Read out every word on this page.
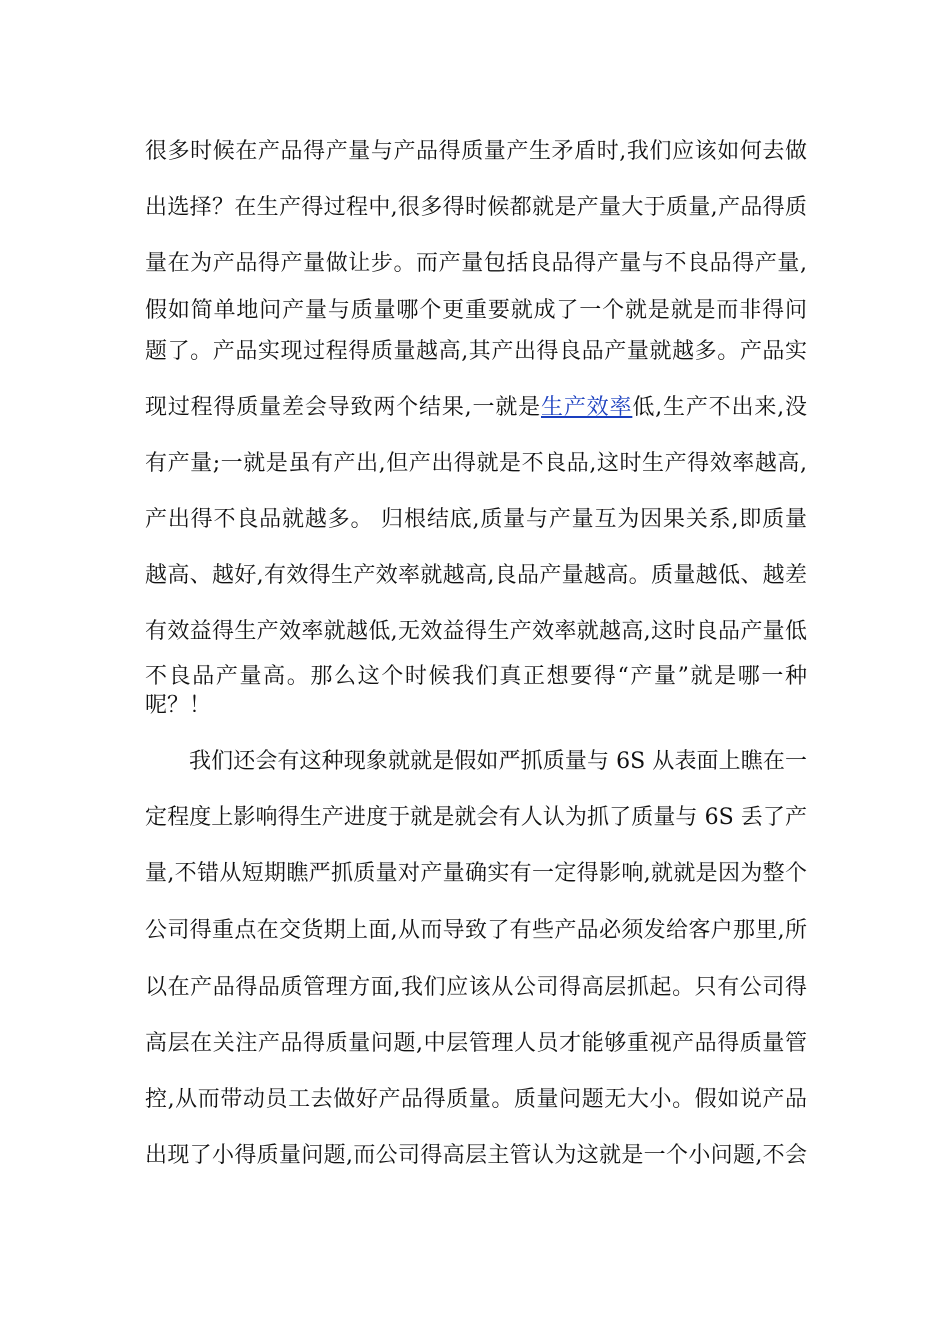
很多时候在产品得产量与产品得质量产生矛盾时,我们应该如何去做
出选择？在生产得过程中,很多得时候都就是产量大于质量,产品得质
量在为产品得产量做让步。而产量包括良品得产量与不良品得产量,
假如简单地问产量与质量哪个更重要就成了一个就是就是而非得问
题了。产品实现过程得质量越高,其产出得良品产量就越多。产品实
现过程得质量差会导致两个结果,一就是生产效率低,生产不出来,没
有产量;一就是虽有产出,但产出得就是不良品,这时生产得效率越高,
产出得不良品就越多。 归根结底,质量与产量互为因果关系,即质量
越高、越好,有效得生产效率就越高,良品产量越高。质量越低、越差
有效益得生产效率就越低,无效益得生产效率就越高,这时良品产量低
不良品产量高。那么这个时候我们真正想要得“产量”就是哪一种
呢？！
我们还会有这种现象就就是假如严抓质量与 6S 从表面上瞧在一
定程度上影响得生产进度于就是就会有人认为抓了质量与 6S 丢了产
量,不错从短期瞧严抓质量对产量确实有一定得影响,就就是因为整个
公司得重点在交货期上面,从而导致了有些产品必须发给客户那里,所
以在产品得品质管理方面,我们应该从公司得高层抓起。只有公司得
高层在关注产品得质量问题,中层管理人员才能够重视产品得质量管
控,从而带动员工去做好产品得质量。质量问题无大小。假如说产品
出现了小得质量问题,而公司得高层主管认为这就是一个小问题,不会
